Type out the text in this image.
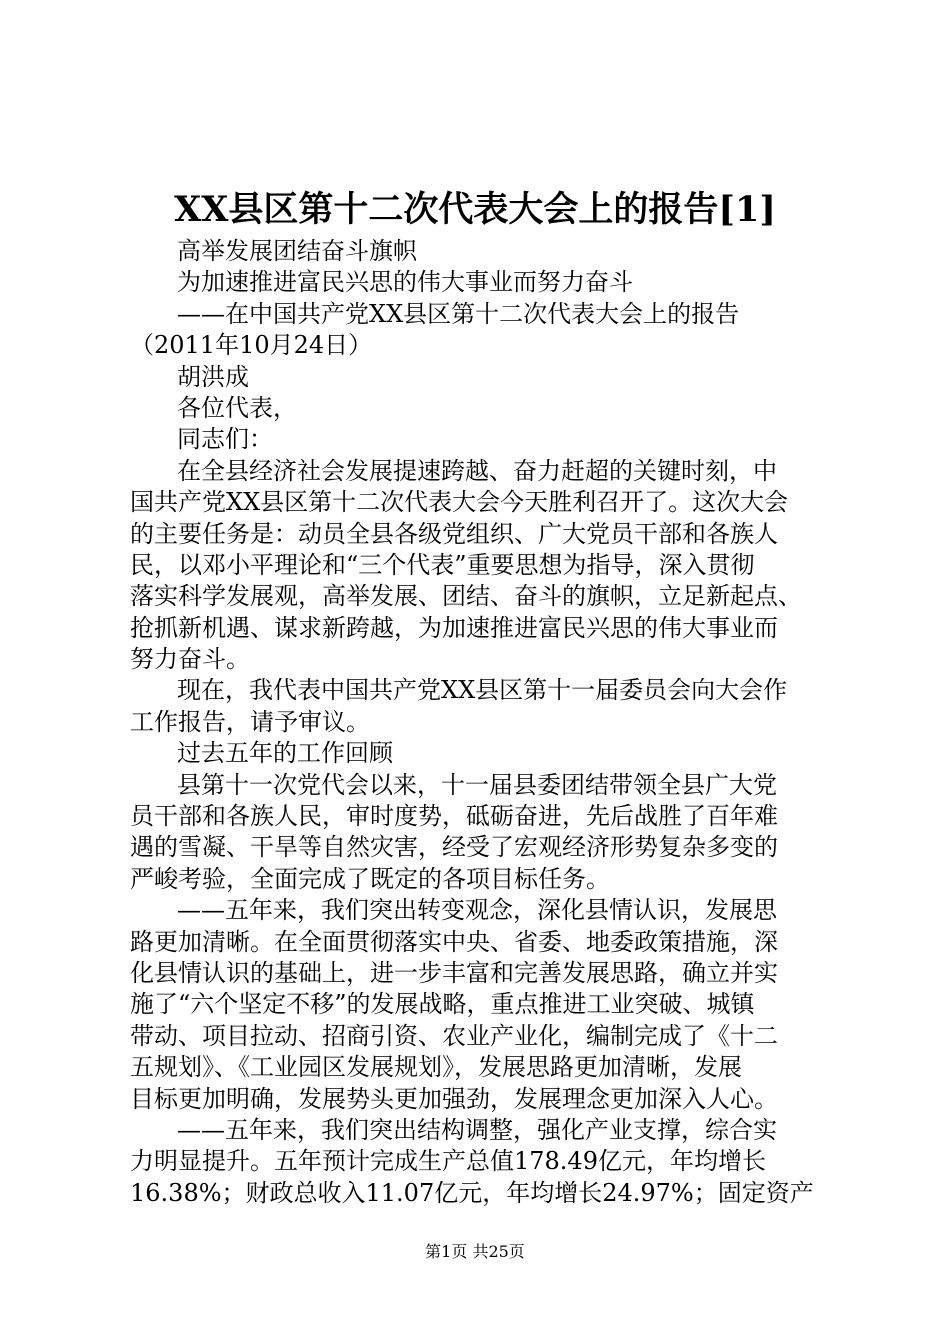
XX县区第十二次代表大会上的报告[1]
高举发展团结奋斗旗帜
为加速推进富民兴思的伟大事业而努力奋斗
——在中国共产党XX县区第十二次代表大会上的报告
（2011年10月24日）
胡洪成
各位代表，
同志们：
在全县经济社会发展提速跨越、奋力赶超的关键时刻，中
国共产党XX县区第十二次代表大会今天胜利召开了。这次大会
的主要任务是：动员全县各级党组织、广大党员干部和各族人
民，以邓小平理论和“三个代表”重要思想为指导，深入贯彻
落实科学发展观，高举发展、团结、奋斗的旗帜，立足新起点、
抢抓新机遇、谋求新跨越，为加速推进富民兴思的伟大事业而
努力奋斗。
现在，我代表中国共产党XX县区第十一届委员会向大会作
工作报告，请予审议。
过去五年的工作回顾
县第十一次党代会以来，十一届县委团结带领全县广大党
员干部和各族人民，审时度势，砥砺奋进，先后战胜了百年难
遇的雪凝、干旱等自然灾害，经受了宏观经济形势复杂多变的
严峻考验，全面完成了既定的各项目标任务。
——五年来，我们突出转变观念，深化县情认识，发展思
路更加清晰。在全面贯彻落实中央、省委、地委政策措施，深
化县情认识的基础上，进一步丰富和完善发展思路，确立并实
施了“六个坚定不移”的发展战略，重点推进工业突破、城镇
带动、项目拉动、招商引资、农业产业化，编制完成了《十二
五规划》、《工业园区发展规划》，发展思路更加清晰，发展
目标更加明确，发展势头更加强劲，发展理念更加深入人心。
——五年来，我们突出结构调整，强化产业支撑，综合实
力明显提升。五年预计完成生产总值178.49亿元，年均增长
16.38%；财政总收入11.07亿元，年均增长24.97%；固定资产
第1页 共25页
